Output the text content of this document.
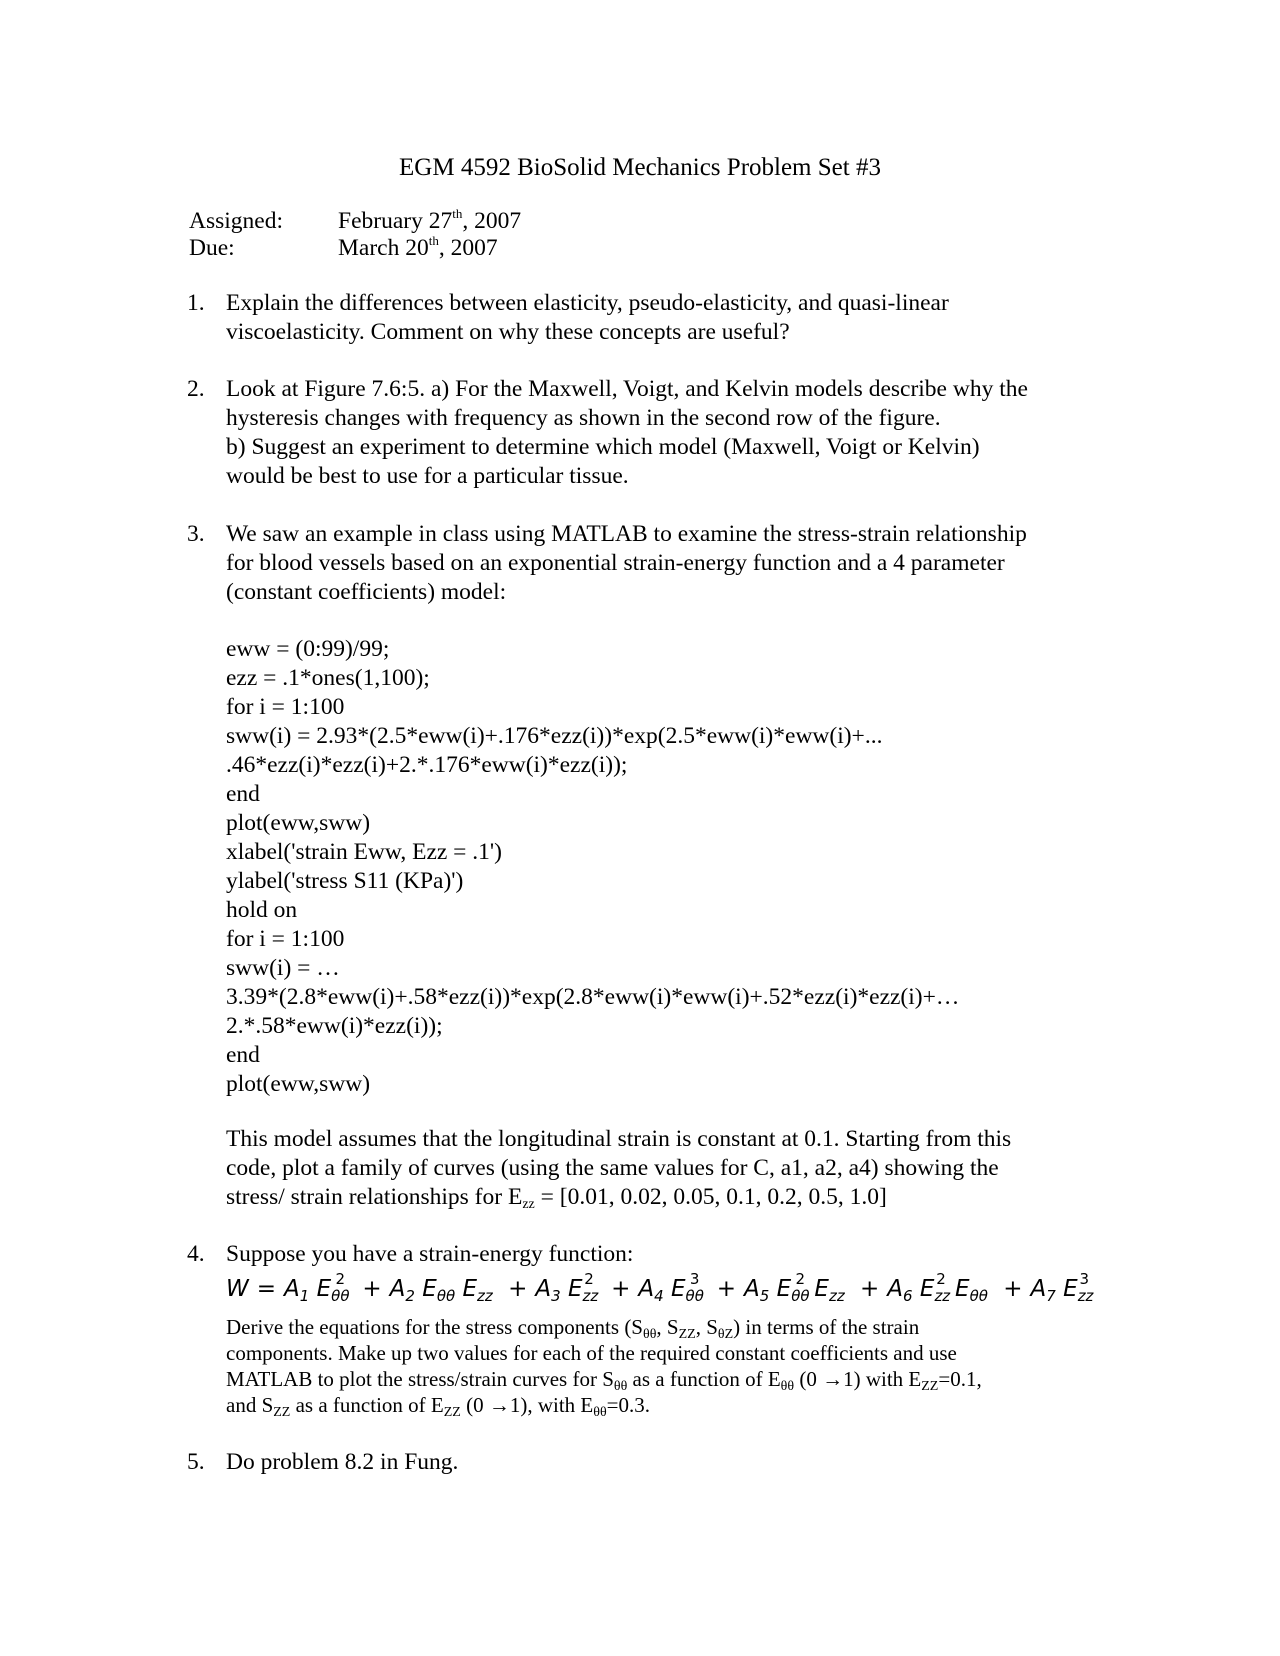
EGM 4592 BioSolid Mechanics Problem Set #3
Assigned: February 27th, 2007
Due:	March 20th, 2007
1. Explain the differences between elasticity, pseudo-elasticity, and quasi-linear

viscoelasticity. Comment on why these concepts are useful?

2. Look at Figure 7.6:5. a) For the Maxwell, Voigt, and Kelvin models describe why the

hysteresis changes with frequency as shown in the second row of the figure.

b) Suggest an experiment to determine which model (Maxwell, Voigt or Kelvin)

would be best to use for a particular tissue.

3. We saw an example in class using MATLAB to examine the stress-strain relationship

for blood vessels based on an exponential strain-energy function and a 4 parameter

(constant coefficients) model:

eww = (0:99)/99;

ezz = .1*ones(1,100);

for i = 1:100

sww(i) = 2.93*(2.5*eww(i)+.176*ezz(i))*exp(2.5*eww(i)*eww(i)+...

.46*ezz(i)*ezz(i)+2.*.176*eww(i)*ezz(i));

end

plot(eww,sww)

xlabel('strain Eww, Ezz = .1')

ylabel('stress S11 (KPa)')

hold on

for i = 1:100

sww(i) = …

3.39*(2.8*eww(i)+.58*ezz(i))*exp(2.8*eww(i)*eww(i)+.52*ezz(i)*ezz(i)+…

2.*.58*eww(i)*ezz(i));

end

plot(eww,sww)

This model assumes that the longitudinal strain is constant at 0.1. Starting from this

code, plot a family of curves (using the same values for C, a1, a2, a4) showing the

stress/ strain relationships for $E_{zz} = [0.01$, 0.02, 0.05, 0.1, 0.2, 0.5, 1.0]

4. Suppose you have a strain-energy function:
$W = A_1$ $E_{\theta\theta}^2 + A_2$ $E_{\theta\theta}$ $E_{zz} + A_3$ $E_{zz}^2 + A_4$ $E_{\theta\theta}^3 + A_5$ $E_{\theta\theta}^2$ $E_{zz} + A_6$ $E_{zz}^2$ $E_{\theta\theta} + A_7$ $E_{zz}^3$

Derive the equations for the stress components ($S_{\theta\theta}$, $S_{ZZ}$, $S_{\theta Z}$) in terms of the strain

components. Make up two values for each of the required constant coefficients and use

MATLAB to plot the stress/strain curves for $S_{\theta\theta}$ as a function of $E_{\theta\theta}$ (0 →1) with $E_{ZZ}=0.1$,

and $S_{ZZ}$ as a function of $E_{ZZ}$ (0 →1), with $E_{\theta\theta}=0.3$.

5. Do problem 8.2 in Fung.
